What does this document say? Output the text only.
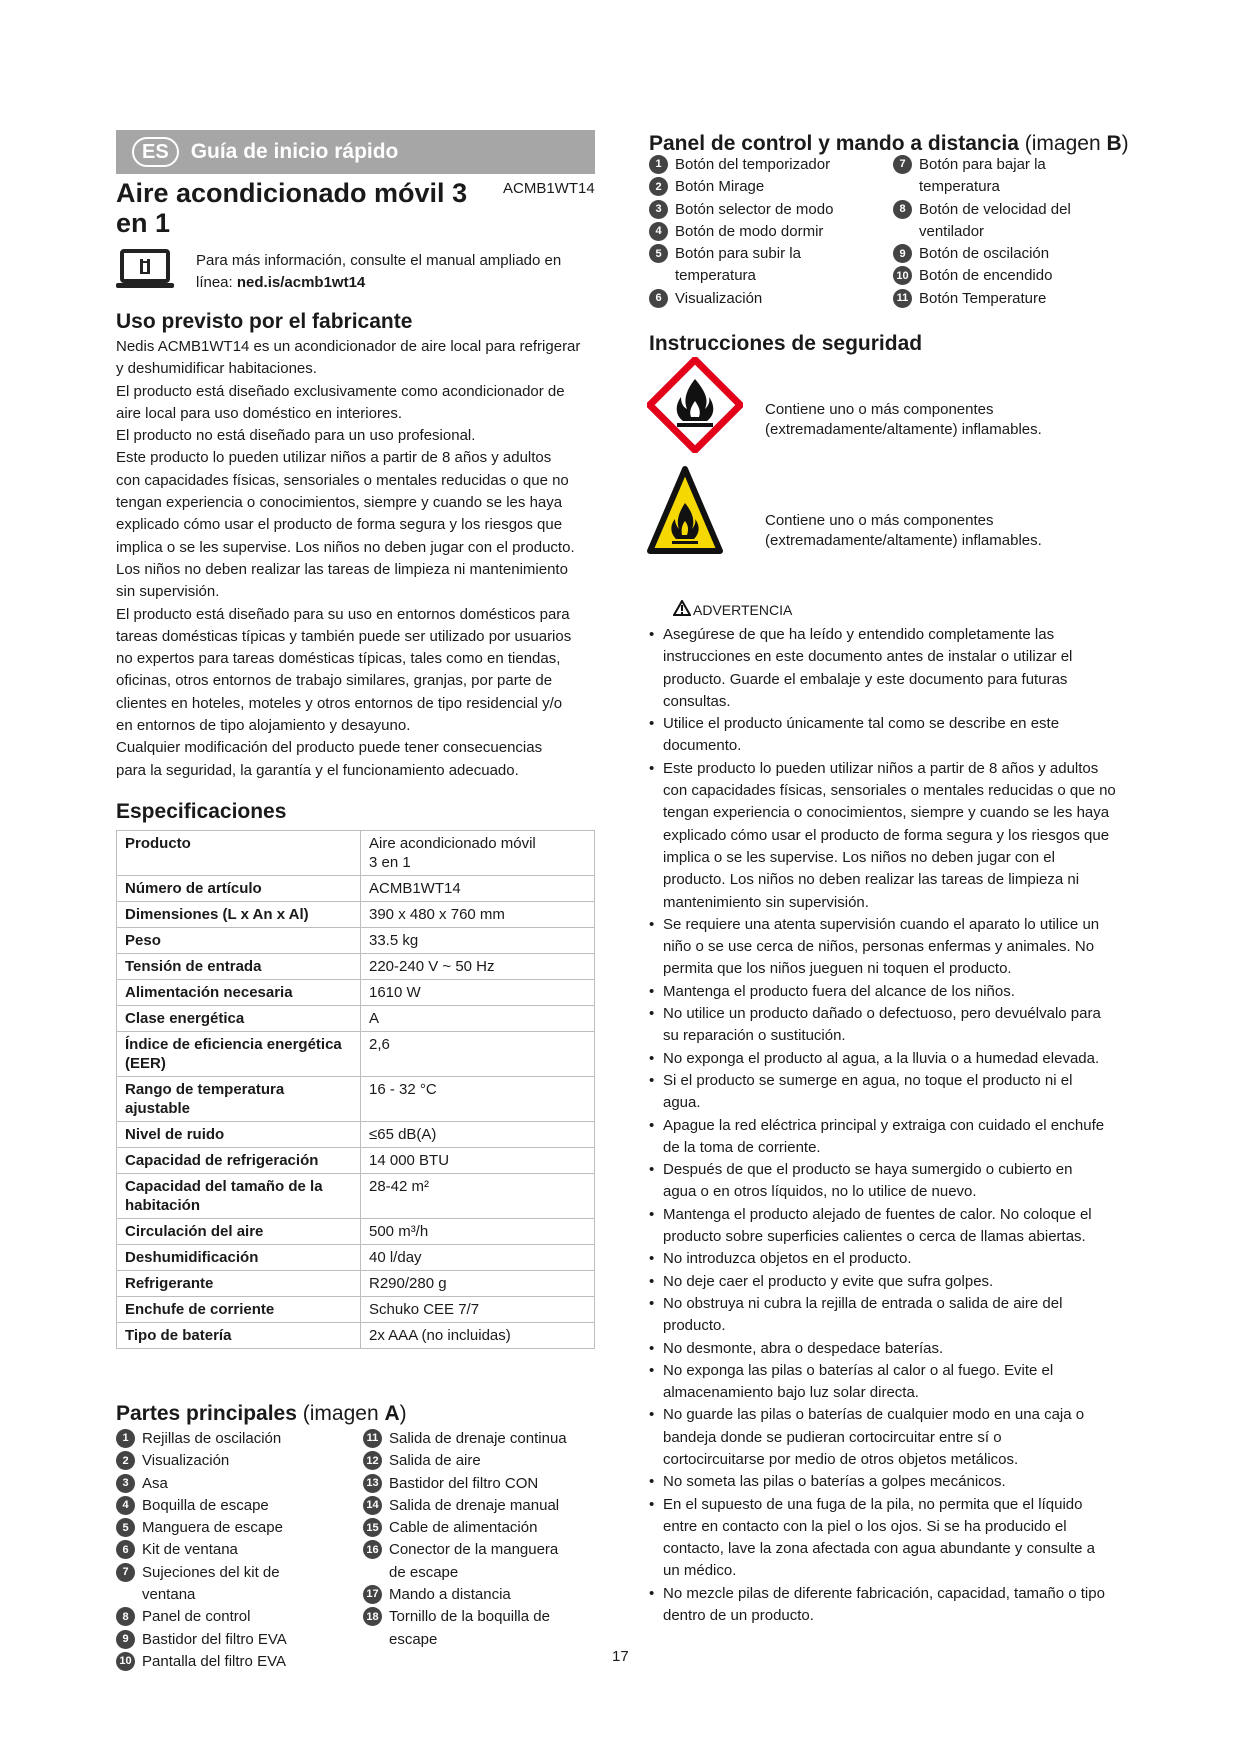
ES	Guía de inicio rápido
Aire acondicionado móvil 3
en 1
ACMB1WT14
Para más información, consulte el manual ampliado en
línea: ned.is/acmb1wt14
Uso previsto por el fabricante
Nedis ACMB1WT14 es un acondicionador de aire local para refrigerar
y deshumidificar habitaciones.
El producto está diseñado exclusivamente como acondicionador de
aire local para uso doméstico en interiores.
El producto no está diseñado para un uso profesional.
Este producto lo pueden utilizar niños a partir de 8 años y adultos
con capacidades físicas, sensoriales o mentales reducidas o que no
tengan experiencia o conocimientos, siempre y cuando se les haya
explicado cómo usar el producto de forma segura y los riesgos que
implica o se les supervise. Los niños no deben jugar con el producto.
Los niños no deben realizar las tareas de limpieza ni mantenimiento
sin supervisión.
El producto está diseñado para su uso en entornos domésticos para
tareas domésticas típicas y también puede ser utilizado por usuarios
no expertos para tareas domésticas típicas, tales como en tiendas,
oficinas, otros entornos de trabajo similares, granjas, por parte de
clientes en hoteles, moteles y otros entornos de tipo residencial y/o
en entornos de tipo alojamiento y desayuno.
Cualquier modificación del producto puede tener consecuencias
para la seguridad, la garantía y el funcionamiento adecuado.
Especificaciones
Producto	Aire acondicionado móvil
3 en 1

Número de artículo	ACMB1WT14

Dimensiones (L x An x Al)	390 x 480 x 760 mm

Peso	33.5 kg

Tensión de entrada	220-240 V ~ 50 Hz

Alimentación necesaria	1610 W

Clase energética	A

Índice de eficiencia energética (EER)	2,6

Rango de temperatura ajustable	16 - 32 °C

Nivel de ruido	≤65 dB(A)

Capacidad de refrigeración	14 000 BTU

Capacidad del tamaño de la habitación	28-42 m²

Circulación del aire	500 m³/h

Deshumidificación	40 l/day

Refrigerante	R290/280 g

Enchufe de corriente	Schuko CEE 7/7

Tipo de batería	2x AAA (no incluidas)
Partes principales (imagen A)
1 Rejillas de oscilación
2 Visualización
3 Asa
4 Boquilla de escape
5 Manguera de escape
6 Kit de ventana
7 Sujeciones del kit de
ventana
8 Panel de control
9 Bastidor del filtro EVA
10 Pantalla del filtro EVA
11 Salida de drenaje continua
12 Salida de aire
13 Bastidor del filtro CON
14 Salida de drenaje manual
15 Cable de alimentación
16 Conector de la manguera
de escape
17 Mando a distancia
18 Tornillo de la boquilla de
escape
Panel de control y mando a distancia (imagen B)
1 Botón del temporizador
2 Botón Mirage
3 Botón selector de modo
4 Botón de modo dormir
5 Botón para subir la
temperatura
6 Visualización
7 Botón para bajar la
temperatura
8 Botón de velocidad del
ventilador
9 Botón de oscilación
10 Botón de encendido
11 Botón Temperature
Instrucciones de seguridad
Contiene uno o más componentes
(extremadamente/altamente) inflamables.
Contiene uno o más componentes
(extremadamente/altamente) inflamables.
ADVERTENCIA
• Asegúrese de que ha leído y entendido completamente las
instrucciones en este documento antes de instalar o utilizar el
producto. Guarde el embalaje y este documento para futuras
consultas.
• Utilice el producto únicamente tal como se describe en este
documento.
• Este producto lo pueden utilizar niños a partir de 8 años y adultos
con capacidades físicas, sensoriales o mentales reducidas o que no
tengan experiencia o conocimientos, siempre y cuando se les haya
explicado cómo usar el producto de forma segura y los riesgos que
implica o se les supervise. Los niños no deben jugar con el
producto. Los niños no deben realizar las tareas de limpieza ni
mantenimiento sin supervisión.
• Se requiere una atenta supervisión cuando el aparato lo utilice un
niño o se use cerca de niños, personas enfermas y animales. No
permita que los niños jueguen ni toquen el producto.
• Mantenga el producto fuera del alcance de los niños.
• No utilice un producto dañado o defectuoso, pero devuélvalo para
su reparación o sustitución.
• No exponga el producto al agua, a la lluvia o a humedad elevada.
• Si el producto se sumerge en agua, no toque el producto ni el
agua.
• Apague la red eléctrica principal y extraiga con cuidado el enchufe
de la toma de corriente.
• Después de que el producto se haya sumergido o cubierto en
agua o en otros líquidos, no lo utilice de nuevo.
• Mantenga el producto alejado de fuentes de calor. No coloque el
producto sobre superficies calientes o cerca de llamas abiertas.
• No introduzca objetos en el producto.
• No deje caer el producto y evite que sufra golpes.
• No obstruya ni cubra la rejilla de entrada o salida de aire del
producto.
• No desmonte, abra o despedace baterías.
• No exponga las pilas o baterías al calor o al fuego. Evite el
almacenamiento bajo luz solar directa.
• No guarde las pilas o baterías de cualquier modo en una caja o
bandeja donde se pudieran cortocircuitar entre sí o
cortocircuitarse por medio de otros objetos metálicos.
• No someta las pilas o baterías a golpes mecánicos.
• En el supuesto de una fuga de la pila, no permita que el líquido
entre en contacto con la piel o los ojos. Si se ha producido el
contacto, lave la zona afectada con agua abundante y consulte a
un médico.
• No mezcle pilas de diferente fabricación, capacidad, tamaño o tipo
dentro de un producto.
17
